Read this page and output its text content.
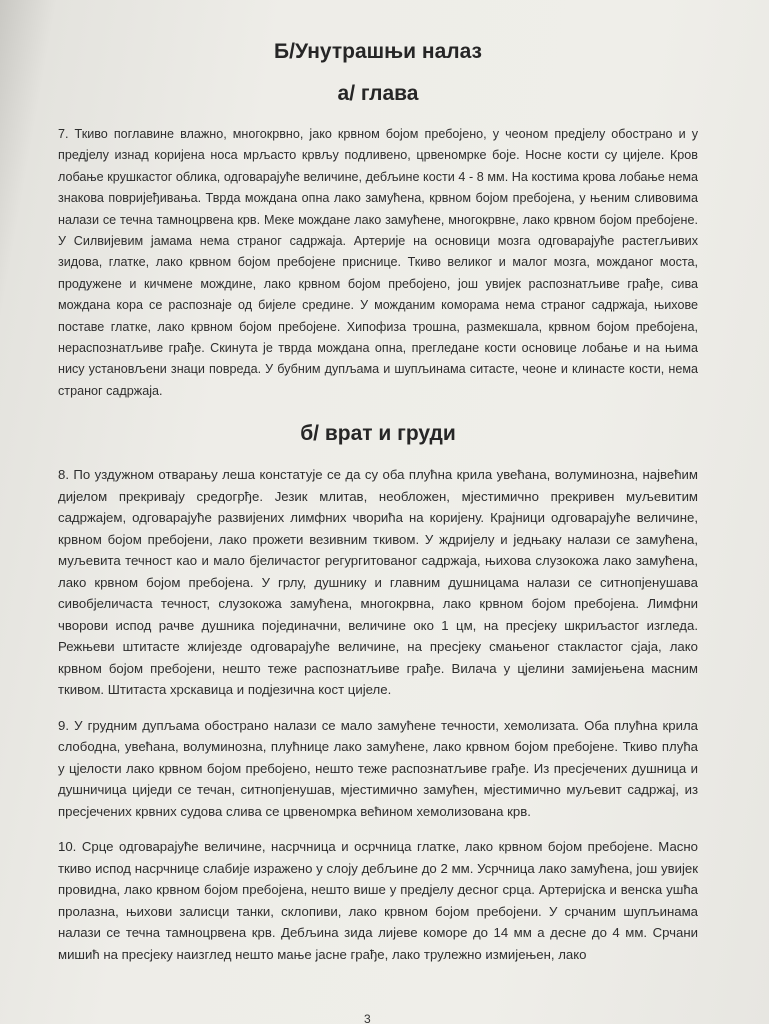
Б/Унутрашњи налаз
а/ глава

7. Ткиво поглавине влажно, многокрвно, јако крвном бојом пребојено, у чеоном предјелу обострано и у предјелу изнад коријена носа мрљасто крвљу подливено, црвеномрке боје. Носне кости су цијеле. Кров лобање крушкастог облика, одговарајуће величине, дебљине кости 4 - 8 мм. На костима крова лобање нема знакова повријеђивања. Тврда мождана опна лако замућена, крвном бојом пребојена, у њеним сливовима налази се течна тамноцрвена крв. Меке мождане лако замућене, многокрвне, лако крвном бојом пребојене. У Силвијевим јамама нема страног садржаја. Артерије на основици мозга одговарајуће растегљивих зидова, глатке, лако крвном бојом пребојене приснице. Ткиво великог и малог мозга, можданог моста, продужене и кичмене мождине, лако крвном бојом пребојено, још увијек распознатљиве грађе, сива мождана кора се распознаје од бијеле срединe. У можданим коморама нема страног садржаја, њихове поставе глатке, лако крвном бојом пребојене. Хипофиза трошна, размекшала, крвном бојом пребојена, нераспознатљиве грађе. Скинута је тврда мождана опна, прегледане кости основице лобање и на њима нису установљени знаци повреда. У бубним дупљама и шупљинама ситасте, чеоне и клинасте кости, нема страног садржаја.

б/ врат и груди

8. По уздужном отварању леша констатује се да су оба плућна крила увећана, волуминозна, највећим дијелом прекривају средогрђе. Језик млитав, необложен, мјестимично прекривен муљевитим садржајем, одговарајуће развијених лимфних чворића на коријену. Крајници одговарајуће величине, крвном бојом пребојени, лако прожети везивним ткивом. У ждријелу и једњаку налази се замућена, муљевита течност као и мало бјеличастог регургитованог садржаја, њихова слузокожа лако замућена, лако крвном бојом пребојена. У грлу, душнику и главним душницама налази се ситнопјенушава сивобјеличаста течност, слузокожа замућена, многокрвна, лако крвном бојом пребојена. Лимфни чворови испод рачве душника појединачни, величине око 1 цм, на пресјеку шкриљастог изгледа. Режњеви штитасте жлијезде одговарајуће величине, на пресјеку смањеног стакластог сјаја, лако крвном бојом пребојени, нешто теже распознатљиве грађе. Вилача у цјелини замијењена масним ткивом. Штитаста хрскавица и подјезична кост цијеле.

9. У грудним дупљама обострано налази се мало замућене течности, хемолизата. Оба плућна крила слободна, увећана, волуминозна, плућнице лако замућене, лако крвном бојом пребојене. Ткиво плућа у цјелости лако крвном бојом пребојено, нешто теже распознатљиве грађе. Из пресјечених душница и душничица циједи се течан, ситнопјенушав, мјестимично замућен, мјестимично муљевит садржај, из пресјечених крвних судова слива се црвеномрка већином хемолизована крв.

10. Срце одговарајуће величине, насрчница и осрчница глатке, лако крвном бојом пребојене. Масно ткиво испод насрчнице слабије изражено у слоју дебљине до 2 мм. Усрчница лако замућена, још увијек провидна, лако крвном бојом пребојена, нешто више у предјелу десног срца. Артеријска и венска ушћа пролазна, њихови залисци танки, склопиви, лако крвном бојом пребојени. У срчаним шупљинама налази се течна тамноцрвена крв. Дебљина зида лијеве коморе до 14 мм а десне до 4 мм. Срчани мишић на пресјеку наизглед нешто мање јасне грађе, лако трулежно измијењен, лако

3
